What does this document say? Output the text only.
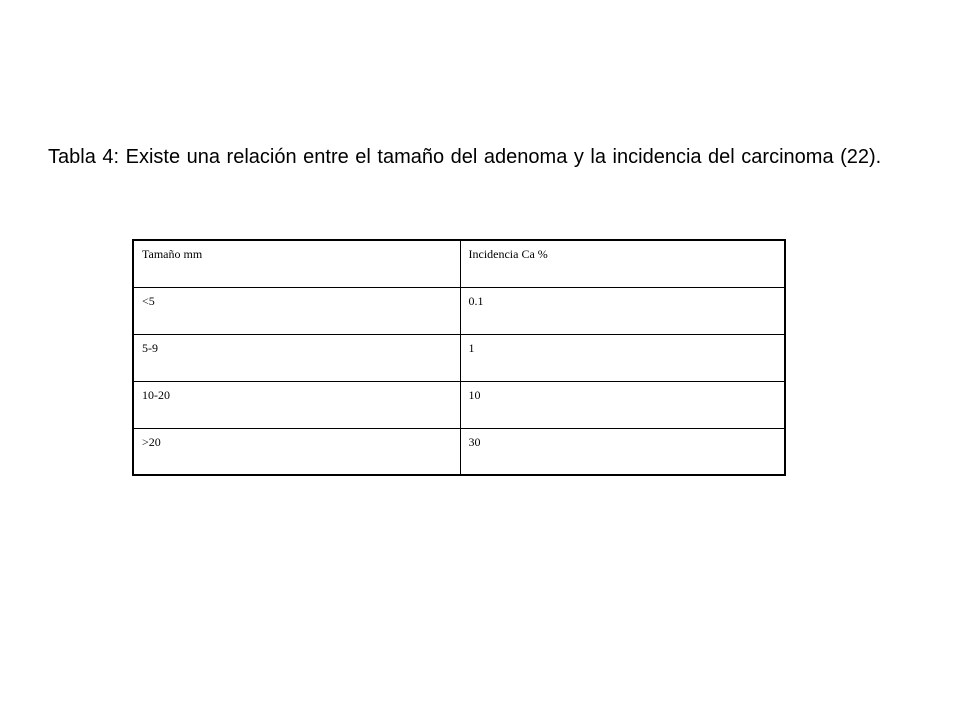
Tabla 4: Existe una relación entre el tamaño del adenoma y la incidencia del carcinoma (22).
Tamaño mm	Incidencia Ca %
<5	0.1
5-9	1
10-20	10
>20	30
